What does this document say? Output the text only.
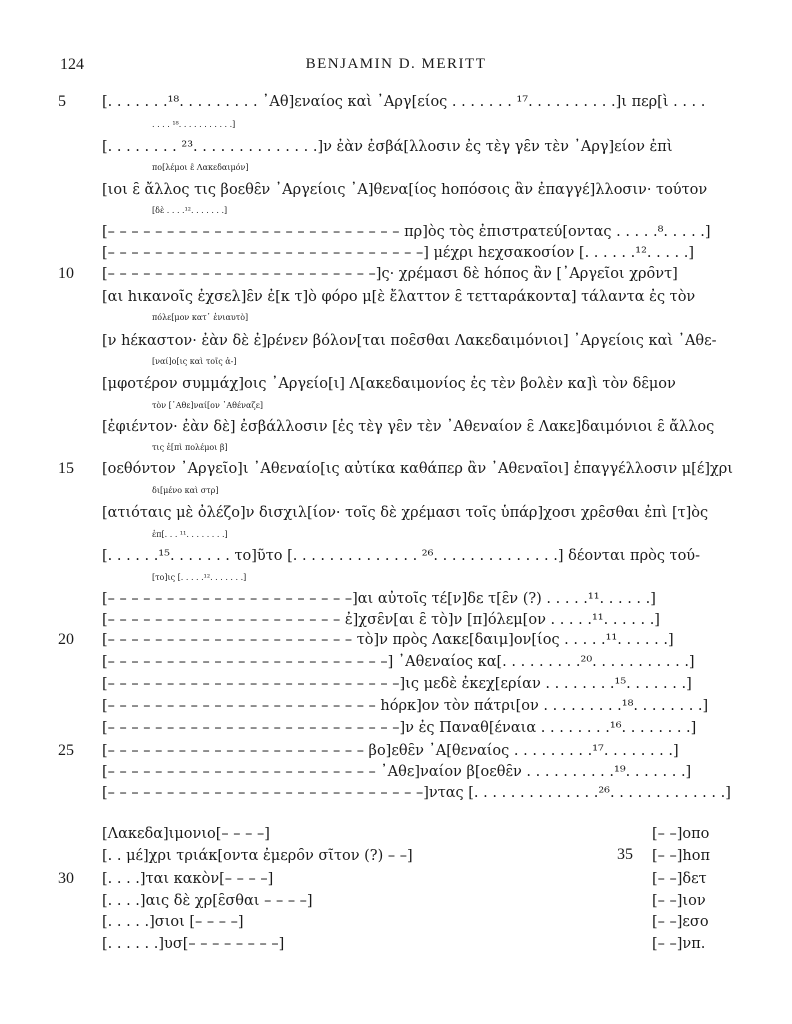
124	BENJAMIN D. MERITT
5
10
15
20
25
30
35
[. . . . . . .¹⁸. . . . . . . . . ᾽Αθ]εναίος καὶ ᾽Αργ[είος . . . . . . . ¹⁷. . . . . . . . . .]ι περ[ὶ . . . .
. . . . ¹⁸. . . . . . . . . . .]
[. . . . . . . . ²³. . . . . . . . . . . . . .]ν ἐὰν ἐσβά[λλοσιν ἐς τὲγ γε̑ν τὲν ᾽Αργ]είον ἐπὶ
πο[λέμοι ε̑ Λακεδαιμόν]
[ιοι ε̑ ἄλλος τις βοεθε̑ν ᾽Αργείοις ᾽Α]θενα[ίος hoπόσοις ἂν ἐπαγγέ]λλοσιν· τούτον
[δὲ . . . .¹². . . . . . .]
[– – – – – – – – – – – – – – – – – – – – – – – – – πρ]ὸς τὸς ἐπιστρατεύ[οντας . . . . .⁸. . . . .]
[– – – – – – – – – – – – – – – – – – – – – – – – – – –] μέχρι hεχσακοσίον [. . . . . .¹². . . . .]
[– – – – – – – – – – – – – – – – – – – – – – –]ς· χρέμασι δὲ hόπος ἂν [᾽Αργεῖοι χρο̑ντ]
[αι hικανοῖς ἐχσελ]ε̑ν ἐ[κ τ]ὸ φόρο μ[ὲ ἔλαττον ε̑ τετταράκοντα] τάλαντα ἐς τὸν
πόλε[μον κατ᾽ ἐνιαυτὸ]
[ν hέκαστον· ἐὰν δὲ ἐ]ρένεν βόλον[ται ποε̑σθαι Λακεδαιμόνιοι] ᾽Αργείοις καὶ ᾽Αθε-
[ναί]ο[ις καὶ τοῖς ἀ-]
[μφοτέρον συμμάχ]οις ᾽Αργείο[ι] Λ[ακεδαιμονίος ἐς τὲν βολὲν κα]ὶ τὸν δε̑μον
τὸν [᾽Αθε]ναί[ον ᾽Αθέναζε]
[ἐφιέντον· ἐὰν δὲ] ἐσβάλλοσιν [ἐς τὲγ γε̑ν τὲν ᾽Αθεναίον ε̑ Λακε]δαιμόνιοι ε̑ ἄλλος
τις ἐ[πὶ πολέμοι β]
[οεθόντον ᾽Αργεῖο]ι ᾽Αθεναίο[ις αὐτίκα καθάπερ ἂν ᾽Αθεναῖοι] ἐπαγγέλλοσιν μ[έ]χρι
δι[μένο καὶ στρ]
[ατιόταις μὲ ὀλέζο]ν δισχιλ[ίον· τοῖς δὲ χρέμασι τοῖς ὑπάρ]χοσι χρε̑σθαι ἐπὶ [τ]ὸς
ἐπ[. . . ¹¹. . . . . . . .]
[. . . . . .¹⁵. . . . . . . το]ῦτο [. . . . . . . . . . . . . . ²⁶. . . . . . . . . . . . . .] δέονται πρὸς τού-
[το]ις [. . . . .¹². . . . . . .]
[– – – – – – – – – – – – – – – – – – – – –]αι αὐτοῖς τέ[ν]δε τ[ε̑ν (?) . . . . .¹¹. . . . . .]
[– – – – – – – – – – – – – – – – – – – – ἐ]χσε̑ν[αι ε̑ τὸ]ν [π]όλεμ[ον . . . . .¹¹. . . . . .]
[– – – – – – – – – – – – – – – – – – – – – τὸ]ν πρὸς Λακε[δαιμ]ον[ίος . . . . .¹¹. . . . . .]
[– – – – – – – – – – – – – – – – – – – – – – – –] ᾽Αθεναίος κα[. . . . . . . . .²⁰. . . . . . . . . . .]
[– – – – – – – – – – – – – – – – – – – – – – – – –]ις μεδὲ ἐκεχ[ερίαν . . . . . . . .¹⁵. . . . . . .]
[– – – – – – – – – – – – – – – – – – – – – – – hόρκ]ον τὸν πάτρι[ον . . . . . . . . .¹⁸. . . . . . . .]
[– – – – – – – – – – – – – – – – – – – – – – – – –]ν ἐς Παναθ[έναια . . . . . . . .¹⁶. . . . . . . .]
[– – – – – – – – – – – – – – – – – – – – – – βο]εθε̑ν ᾽Α[θεναίος . . . . . . . . .¹⁷. . . . . . . .]
[– – – – – – – – – – – – – – – – – – – – – – – ᾽Αθε]ναίον β[οεθε̑ν . . . . . . . . . .¹⁹. . . . . . .]
[– – – – – – – – – – – – – – – – – – – – – – – – – – –]ντας [. . . . . . . . . . . . . .²⁶. . . . . . . . . . . . .]
[Λακεδα]ιμονιο[– – – –]
[. . μέ]χρι τριάκ[οντα ἐμερο̑ν σῖτον (?) – –]
[. . . .]ται κακὸν[– – – –]
[. . . .]αις δὲ χρ[ε̑σθαι – – – –]
[. . . . .]σιοι [– – – –]
[. . . . . .]υσ[– – – – – – – –]
[– –]οπο
[– –]hοπ
[– –]δετ
[– –]ιον
[– –]εσο
[– –]νπ.
